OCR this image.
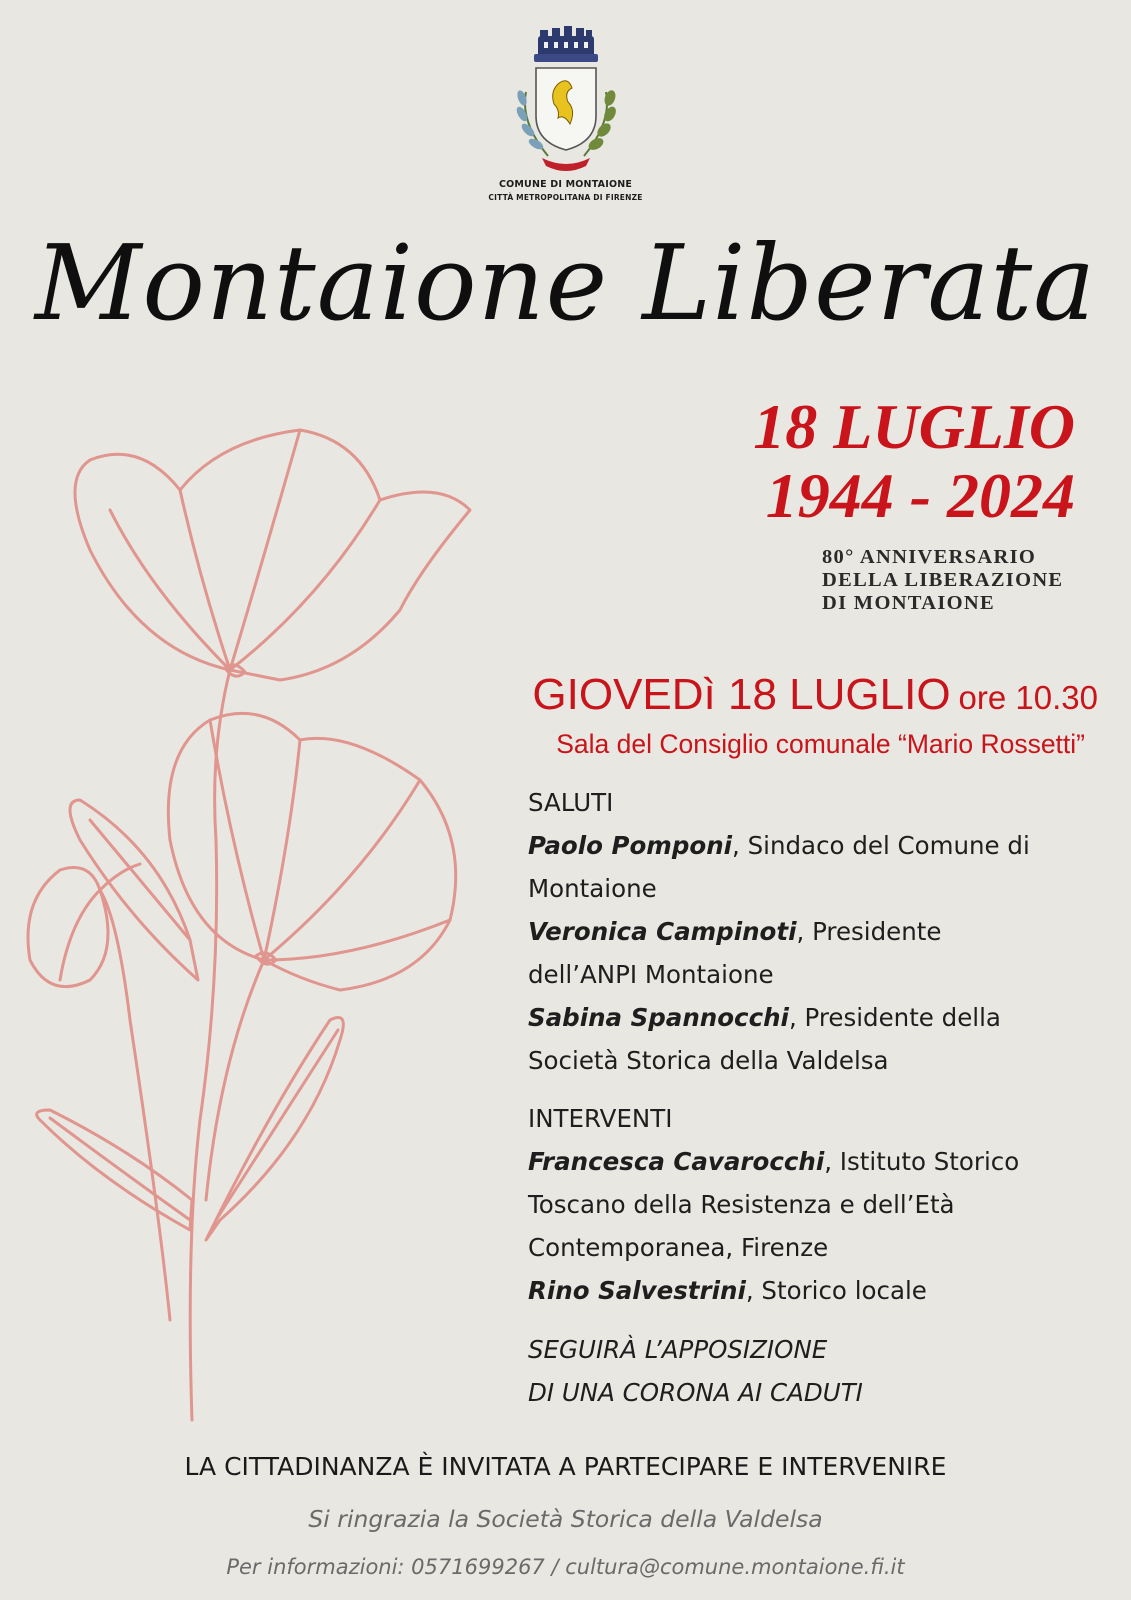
COMUNE DI MONTAIONE
CITTÀ METROPOLITANA DI FIRENZE
Montaione Liberata
18 LUGLIO
1944 - 2024
80° ANNIVERSARIO
DELLA LIBERAZIONE
DI MONTAIONE
GIOVEDì 18 LUGLIO ore 10.30
Sala del Consiglio comunale “Mario Rossetti”
SALUTI
Paolo Pomponi, Sindaco del Comune di
Montaione
Veronica Campinoti, Presidente
dell’ANPI Montaione
Sabina Spannocchi, Presidente della
Società Storica della Valdelsa
INTERVENTI
Francesca Cavarocchi, Istituto Storico
Toscano della Resistenza e dell’Età
Contemporanea, Firenze
Rino Salvestrini, Storico locale
SEGUIRÀ L’APPOSIZIONE
DI UNA CORONA AI CADUTI
LA CITTADINANZA È INVITATA A PARTECIPARE E INTERVENIRE
Si ringrazia la Società Storica della Valdelsa
Per informazioni: 0571699267 / cultura@comune.montaione.fi.it
